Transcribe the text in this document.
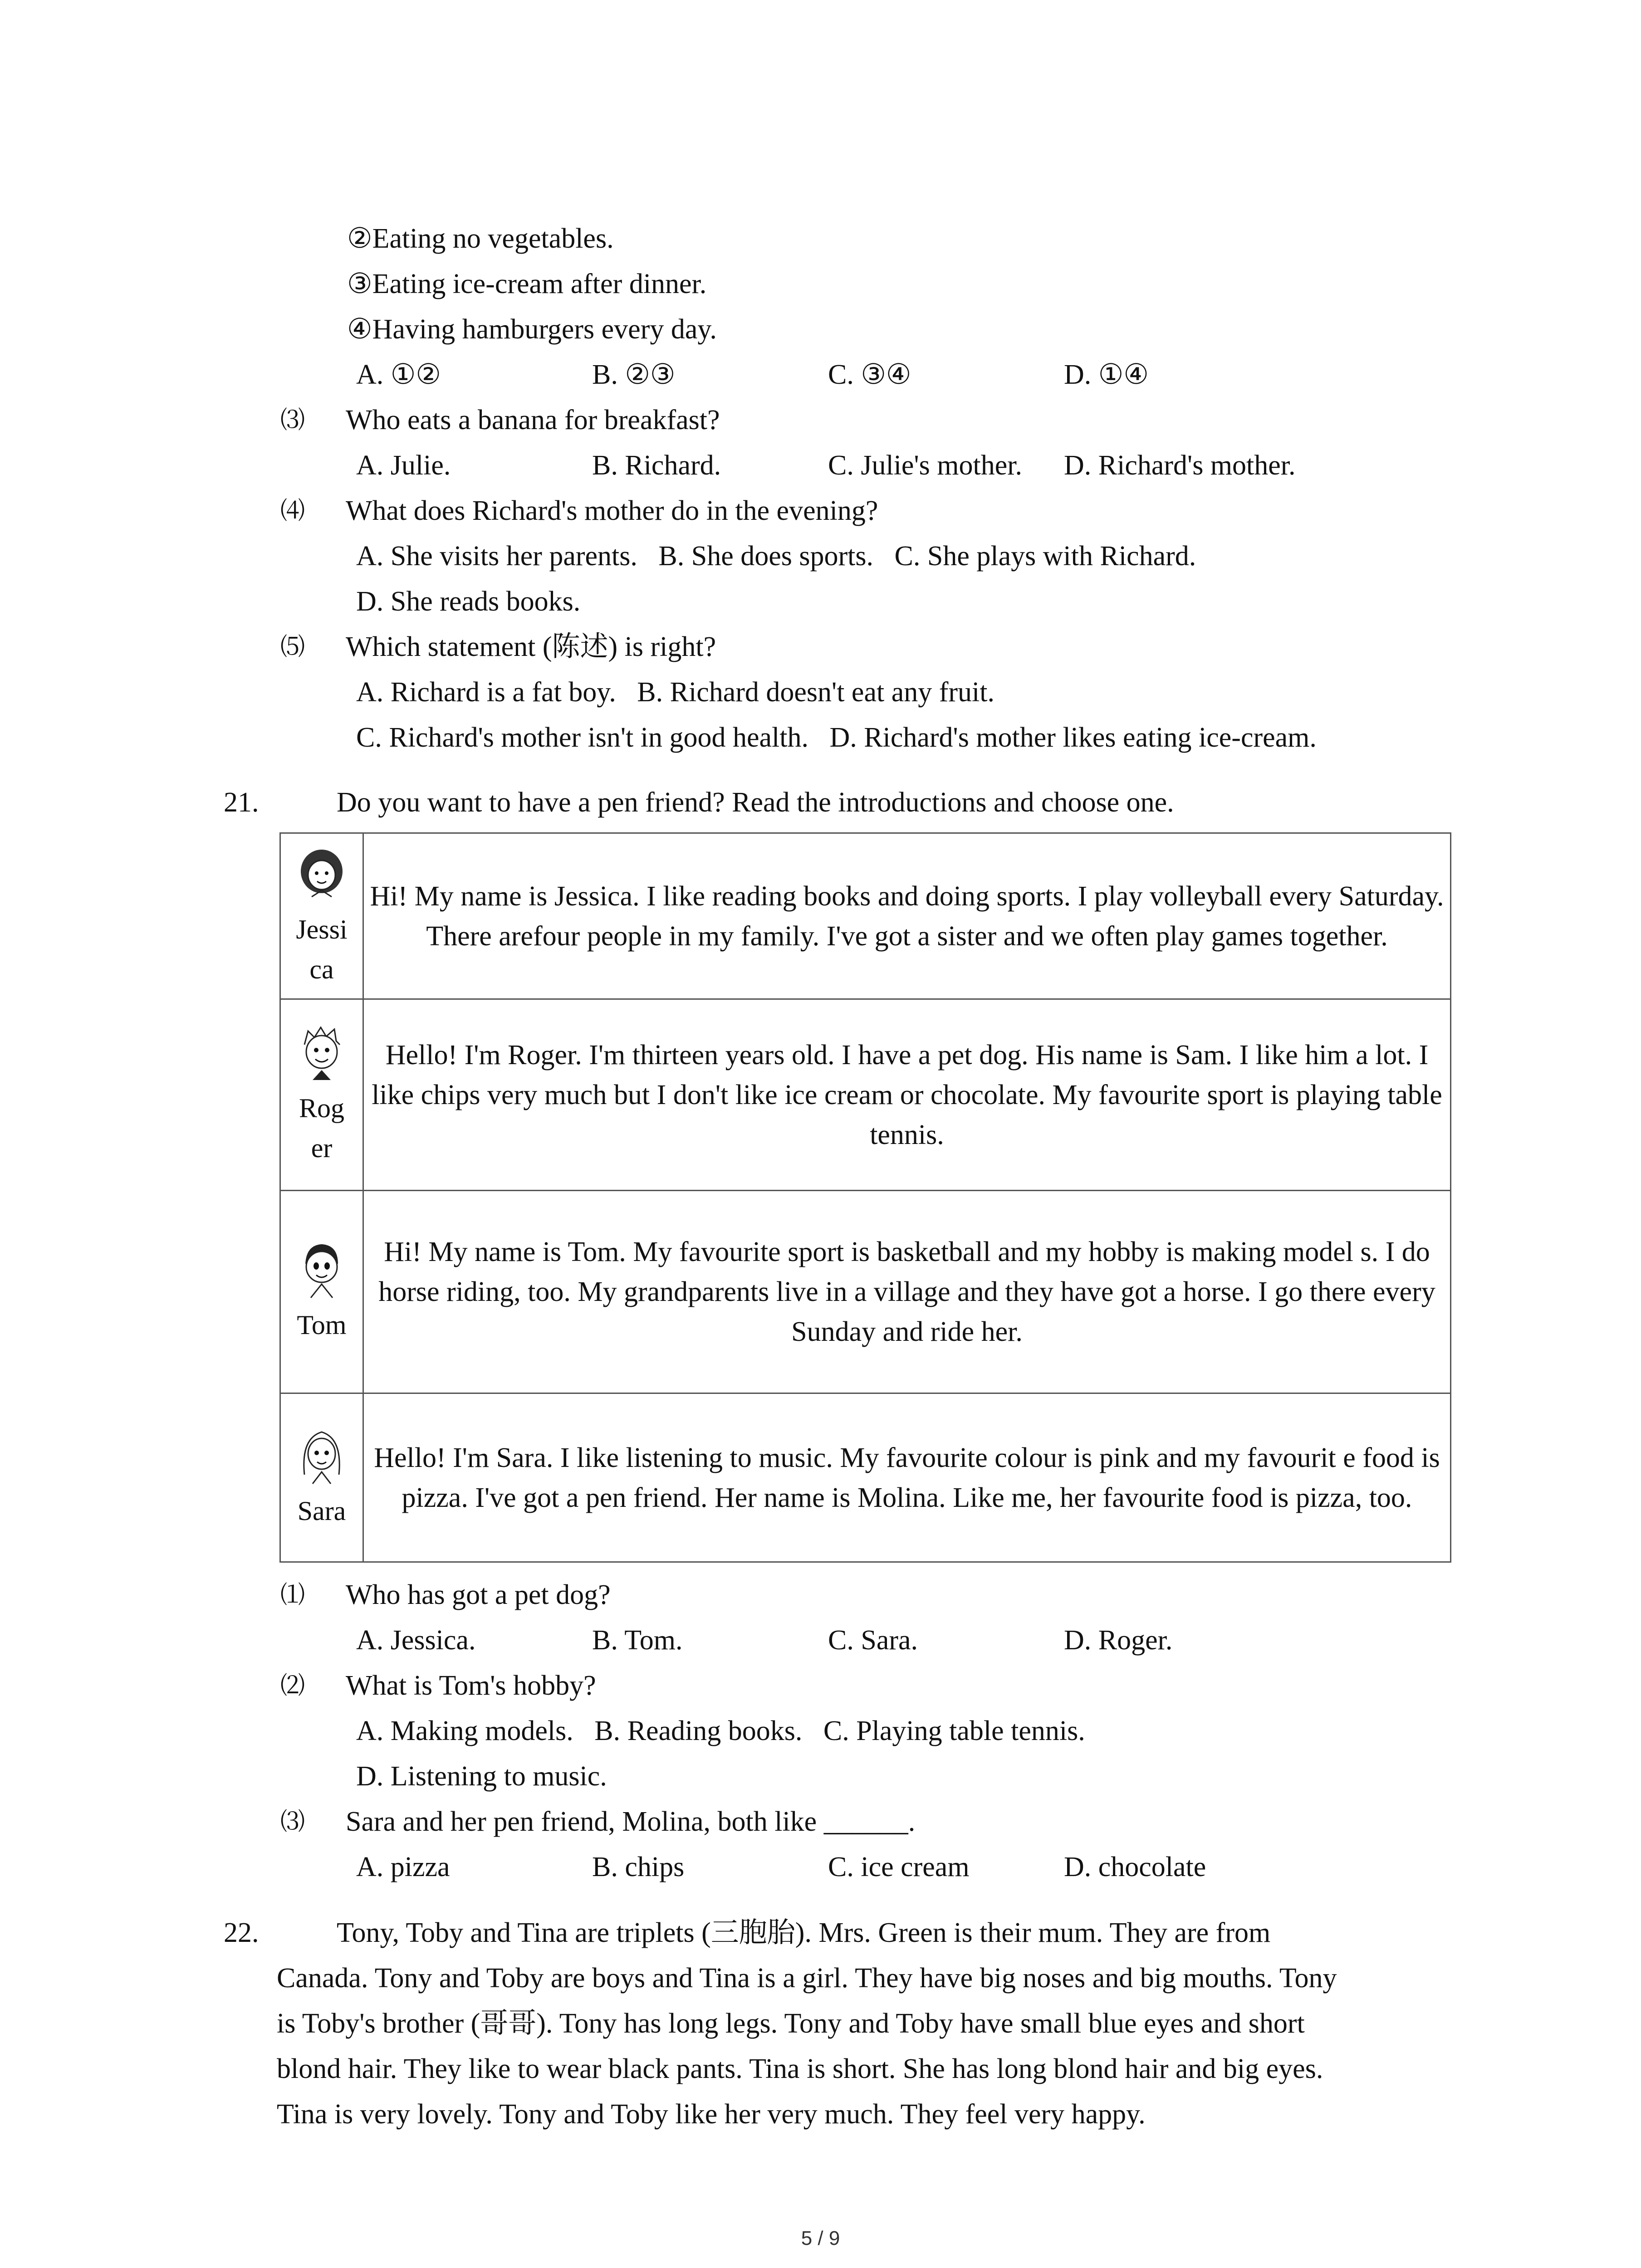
②Eating no vegetables.
③Eating ice-cream after dinner.
④Having hamburgers every day.
A. ①②	B. ②③	C. ③④	D. ①④
⑶ Who eats a banana for breakfast?
A. Julie.	B. Richard.	C. Julie's mother. D. Richard's mother.
⑷ What does Richard's mother do in the evening?
A. She visits her parents.   B. She does sports.   C. She plays with Richard.
D. She reads books.
⑸ Which statement (陈述) is right?
A. Richard is a fat boy.   B. Richard doesn't eat any fruit.
C. Richard's mother isn't in good health.   D. Richard's mother likes eating ice-cream.
21.	Do you want to have a pen friend? Read the introductions and choose one.
Jessica	Hi! My name is Jessica. I like reading books and doing sports. I play volleyball every Saturday. There arefour people in my family. I've got a sister and we often play games together.

Roger	Hello! I'm Roger. I'm thirteen years old. I have a pet dog. His name is Sam. I like him a lot. I like chips very much but I don't like ice cream or chocolate. My favourite sport is playing table tennis.

Tom	Hi! My name is Tom. My favourite sport is basketball and my hobby is making model s. I do horse riding, too. My grandparents live in a village and they have got a horse. I go there every Sunday and ride her.

Sara	Hello! I'm Sara. I like listening to music. My favourite colour is pink and my favourit e food is pizza. I've got a pen friend. Her name is Molina. Like me, her favourite food is pizza, too.
⑴ Who has got a pet dog?
A. Jessica.	B. Tom.	C. Sara.	D. Roger.
⑵ What is Tom's hobby?
A. Making models.   B. Reading books.   C. Playing table tennis.
D. Listening to music.
⑶ Sara and her pen friend, Molina, both like ______.
A. pizza	B. chips	C. ice cream	D. chocolate
22.	Tony, Toby and Tina are triplets (三胞胎). Mrs. Green is their mum. They are from
Canada. Tony and Toby are boys and Tina is a girl. They have big noses and big mouths. Tony
is Toby's brother (哥哥). Tony has long legs. Tony and Toby have small blue eyes and short
blond hair. They like to wear black pants. Tina is short. She has long blond hair and big eyes.
Tina is very lovely. Tony and Toby like her very much. They feel very happy.
5 / 9
